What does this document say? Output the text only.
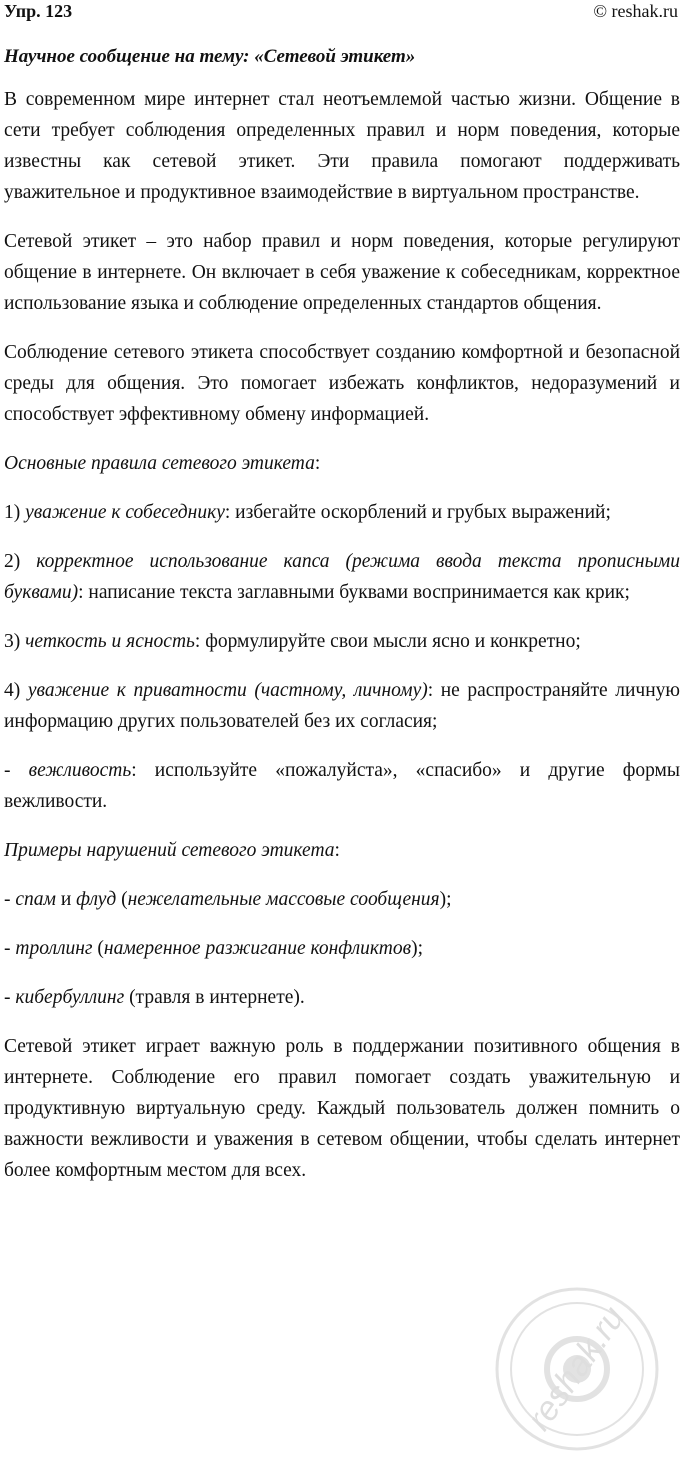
Упр. 123	© reshak.ru
Научное сообщение на тему: «Сетевой этикет»

В современном мире интернет стал неотъемлемой частью жизни. Общение в сети требует соблюдения определенных правил и норм поведения, которые известны как сетевой этикет. Эти правила помогают поддерживать уважительное и продуктивное взаимодействие в виртуальном пространстве.

Сетевой этикет – это набор правил и норм поведения, которые регулируют общение в интернете. Он включает в себя уважение к собеседникам, корректное использование языка и соблюдение определенных стандартов общения.

Соблюдение сетевого этикета способствует созданию комфортной и безопасной среды для общения. Это помогает избежать конфликтов, недоразумений и способствует эффективному обмену информацией.

Основные правила сетевого этикета:

1) уважение к собеседнику: избегайте оскорблений и грубых выражений;

2) корректное использование капса (режима ввода текста прописными буквами): написание текста заглавными буквами воспринимается как крик;

3) четкость и ясность: формулируйте свои мысли ясно и конкретно;

4) уважение к приватности (частному, личному): не распространяйте личную информацию других пользователей без их согласия;

- вежливость: используйте «пожалуйста», «спасибо» и другие формы вежливости.

Примеры нарушений сетевого этикета:

- спам и флуд (нежелательные массовые сообщения);

- троллинг (намеренное разжигание конфликтов);

- кибербуллинг (травля в интернете).

Сетевой этикет играет важную роль в поддержании позитивного общения в интернете. Соблюдение его правил помогает создать уважительную и продуктивную виртуальную среду. Каждый пользователь должен помнить о важности вежливости и уважения в сетевом общении, чтобы сделать интернет более комфортным местом для всех.

reshak.ru
